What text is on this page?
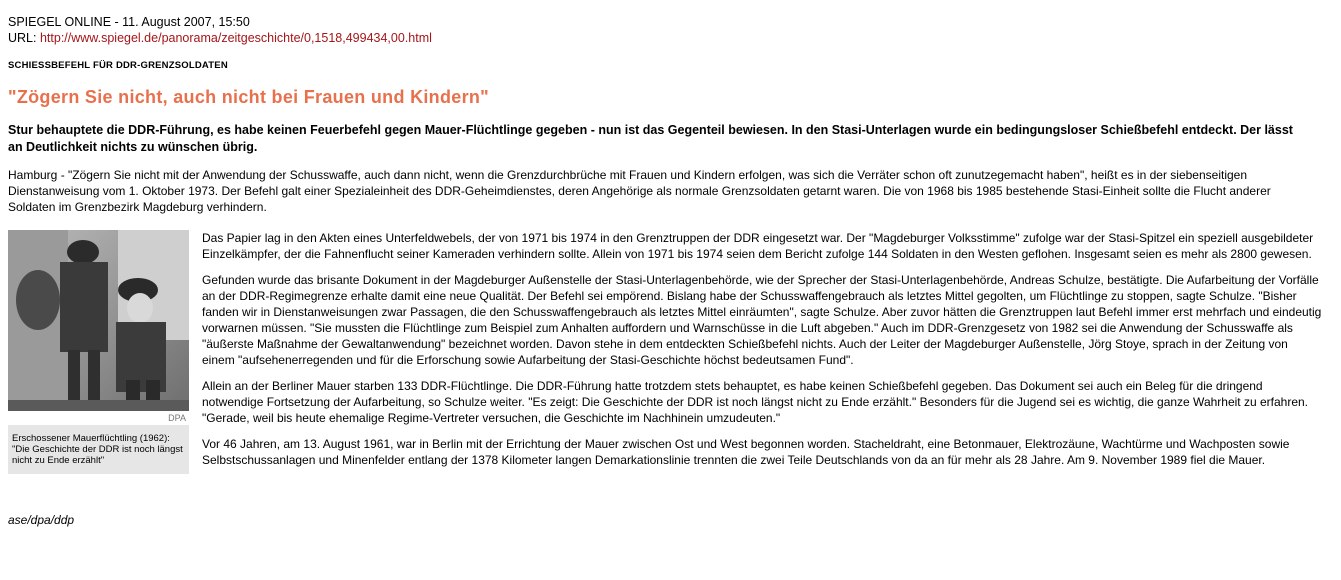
SPIEGEL ONLINE - 11. August 2007, 15:50
URL: http://www.spiegel.de/panorama/zeitgeschichte/0,1518,499434,00.html
SCHIESSBEFEHL FÜR DDR-GRENZSOLDATEN
"Zögern Sie nicht, auch nicht bei Frauen und Kindern"
Stur behauptete die DDR-Führung, es habe keinen Feuerbefehl gegen Mauer-Flüchtlinge gegeben - nun ist das Gegenteil bewiesen. In den Stasi-Unterlagen wurde ein bedingungsloser Schießbefehl entdeckt. Der lässt an Deutlichkeit nichts zu wünschen übrig.
Hamburg - "Zögern Sie nicht mit der Anwendung der Schusswaffe, auch dann nicht, wenn die Grenzdurchbrüche mit Frauen und Kindern erfolgen, was sich die Verräter schon oft zunutzegemacht haben", heißt es in der siebenseitigen Dienstanweisung vom 1. Oktober 1973. Der Befehl galt einer Spezialeinheit des DDR-Geheimdienstes, deren Angehörige als normale Grenzsoldaten getarnt waren. Die von 1968 bis 1985 bestehende Stasi-Einheit sollte die Flucht anderer Soldaten im Grenzbezirk Magdeburg verhindern.
DPA
Erschossener Mauerflüchtling (1962): "Die Geschichte der DDR ist noch längst nicht zu Ende erzählt"

Das Papier lag in den Akten eines Unterfeldwebels, der von 1971 bis 1974 in den Grenztruppen der DDR eingesetzt war. Der "Magdeburger Volksstimme" zufolge war der Stasi-Spitzel ein speziell ausgebildeter Einzelkämpfer, der die Fahnenflucht seiner Kameraden verhindern sollte. Allein von 1971 bis 1974 seien dem Bericht zufolge 144 Soldaten in den Westen geflohen. Insgesamt seien es mehr als 2800 gewesen.

Gefunden wurde das brisante Dokument in der Magdeburger Außenstelle der Stasi-Unterlagenbehörde, wie der Sprecher der Stasi-Unterlagenbehörde, Andreas Schulze, bestätigte. Die Aufarbeitung der Vorfälle an der DDR-Regimegrenze erhalte damit eine neue Qualität. Der Befehl sei empörend. Bislang habe der Schusswaffengebrauch als letztes Mittel gegolten, um Flüchtlinge zu stoppen, sagte Schulze. "Bisher fanden wir in Dienstanweisungen zwar Passagen, die den Schusswaffengebrauch als letztes Mittel einräumten", sagte Schulze. Aber zuvor hätten die Grenztruppen laut Befehl immer erst mehrfach und eindeutig vorwarnen müssen. "Sie mussten die Flüchtlinge zum Beispiel zum Anhalten auffordern und Warnschüsse in die Luft abgeben." Auch im DDR-Grenzgesetz von 1982 sei die Anwendung der Schusswaffe als "äußerste Maßnahme der Gewaltanwendung" bezeichnet worden. Davon stehe in dem entdeckten Schießbefehl nichts. Auch der Leiter der Magdeburger Außenstelle, Jörg Stoye, sprach in der Zeitung von einem "aufsehenerregenden und für die Erforschung sowie Aufarbeitung der Stasi-Geschichte höchst bedeutsamen Fund".

Allein an der Berliner Mauer starben 133 DDR-Flüchtlinge. Die DDR-Führung hatte trotzdem stets behauptet, es habe keinen Schießbefehl gegeben. Das Dokument sei auch ein Beleg für die dringend notwendige Fortsetzung der Aufarbeitung, so Schulze weiter. "Es zeigt: Die Geschichte der DDR ist noch längst nicht zu Ende erzählt." Besonders für die Jugend sei es wichtig, die ganze Wahrheit zu erfahren. "Gerade, weil bis heute ehemalige Regime-Vertreter versuchen, die Geschichte im Nachhinein umzudeuten."

Vor 46 Jahren, am 13. August 1961, war in Berlin mit der Errichtung der Mauer zwischen Ost und West begonnen worden. Stacheldraht, eine Betonmauer, Elektrozäune, Wachtürme und Wachposten sowie Selbstschussanlagen und Minenfelder entlang der 1378 Kilometer langen Demarkationslinie trennten die zwei Teile Deutschlands von da an für mehr als 28 Jahre. Am 9. November 1989 fiel die Mauer.

ase/dpa/ddp
